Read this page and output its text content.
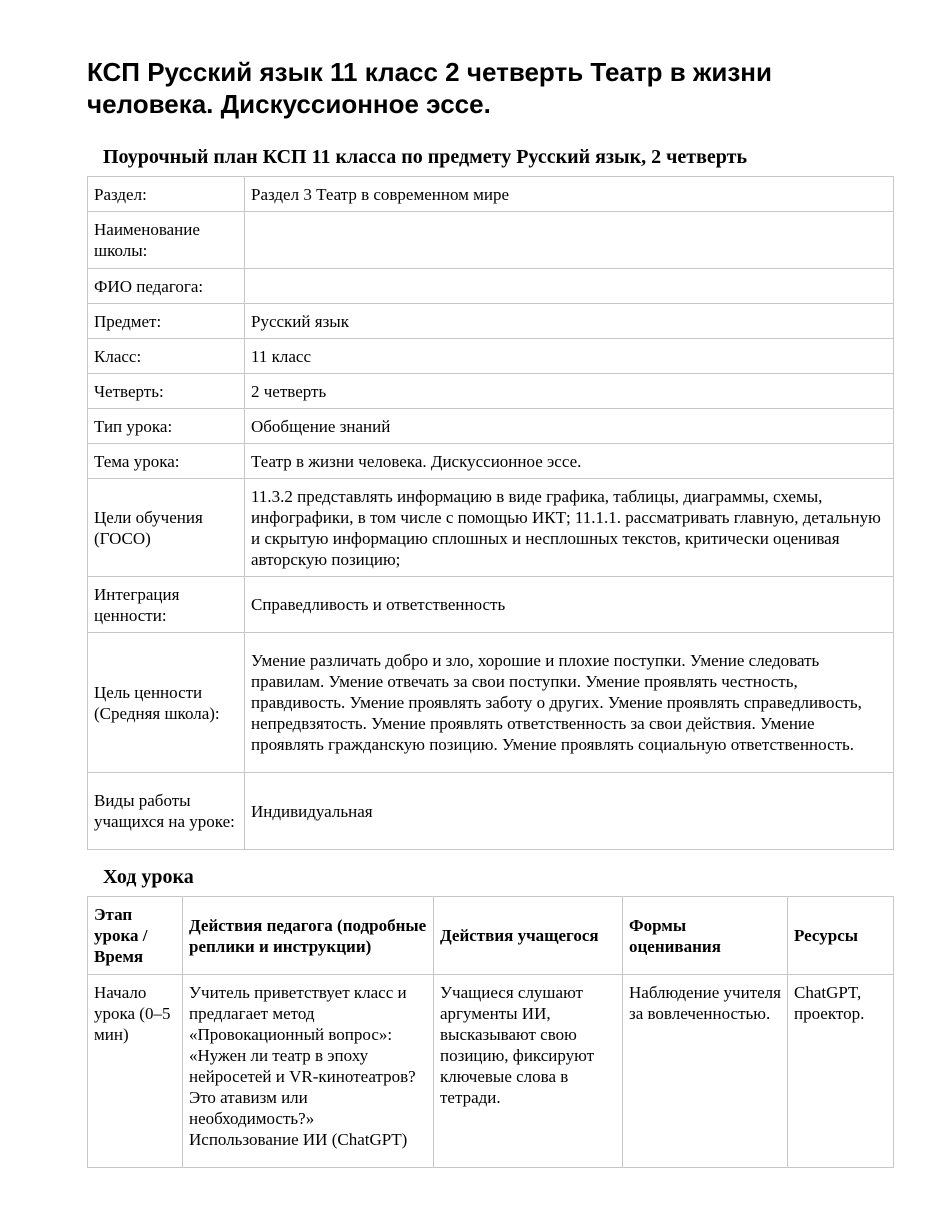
КСП Русский язык 11 класс 2 четверть Театр в жизни человека. Дискуссионное эссе.
Поурочный план КСП 11 класса по предмету Русский язык, 2 четверть
Раздел:	Раздел 3 Театр в современном мире
Наименование школы:	
ФИО педагога:	
Предмет:	Русский язык
Класс:	11 класс
Четверть:	2 четверть
Тип урока:	Обобщение знаний
Тема урока:	Театр в жизни человека. Дискуссионное эссе.
Цели обучения (ГОСО)	11.3.2 представлять информацию в виде графика, таблицы, диаграммы, схемы, инфографики, в том числе с помощью ИКТ; 11.1.1. рассматривать главную, детальную и скрытую информацию сплошных и несплошных текстов, критически оценивая авторскую позицию;
Интеграция ценности:	Справедливость и ответственность
Цель ценности (Средняя школа):	Умение различать добро и зло, хорошие и плохие поступки. Умение следовать правилам. Умение отвечать за свои поступки. Умение проявлять честность, правдивость. Умение проявлять заботу о других. Умение проявлять справедливость, непредвзятость. Умение проявлять ответственность за свои действия. Умение проявлять гражданскую позицию. Умение проявлять социальную ответственность.
Виды работы учащихся на уроке:	Индивидуальная
Ход урока
Этап урока / Время	Действия педагога (подробные реплики и инструкции)	Действия учащегося	Формы оценивания	Ресурсы
Начало урока (0–5 мин)	Учитель приветствует класс и предлагает метод «Провокационный вопрос»: «Нужен ли театр в эпоху нейросетей и VR-кинотеатров? Это атавизм или необходимость?» Использование ИИ (ChatGPT)	Учащиеся слушают аргументы ИИ, высказывают свою позицию, фиксируют ключевые слова в тетради.	Наблюдение учителя за вовлеченностью.	ChatGPT, проектор.
